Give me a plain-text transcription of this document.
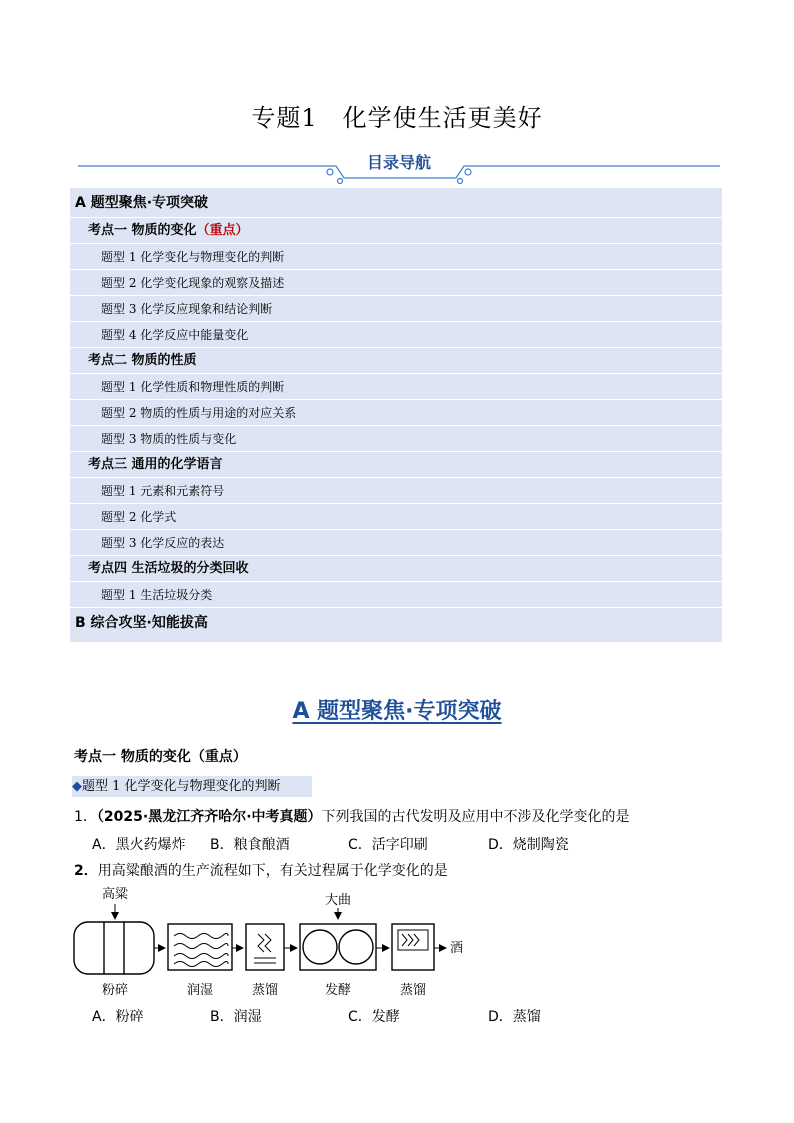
专题1　化学使生活更美好
目录导航
A 题型聚焦·专项突破
考点一 物质的变化（重点）
题型 1 化学变化与物理变化的判断
题型 2 化学变化现象的观察及描述
题型 3 化学反应现象和结论判断
题型 4 化学反应中能量变化
考点二 物质的性质
题型 1 化学性质和物理性质的判断
题型 2 物质的性质与用途的对应关系
题型 3 物质的性质与变化
考点三 通用的化学语言
题型 1 元素和元素符号
题型 2 化学式
题型 3 化学反应的表达
考点四 生活垃圾的分类回收
题型 1 生活垃圾分类
B 综合攻坚·知能拔高
A 题型聚焦·专项突破
考点一 物质的变化（重点）
◆题型 1 化学变化与物理变化的判断
1．（2025·黑龙江齐齐哈尔·中考真题）下列我国的古代发明及应用中不涉及化学变化的是
A．黑火药爆炸 B．粮食酿酒	C．活字印刷	D．烧制陶瓷
2．用高粱酿酒的生产流程如下，有关过程属于化学变化的是
高粱	大曲
酒
粉碎	润湿	蒸馏	发酵	蒸馏
A．粉碎	B．润湿	C．发酵	D．蒸馏
